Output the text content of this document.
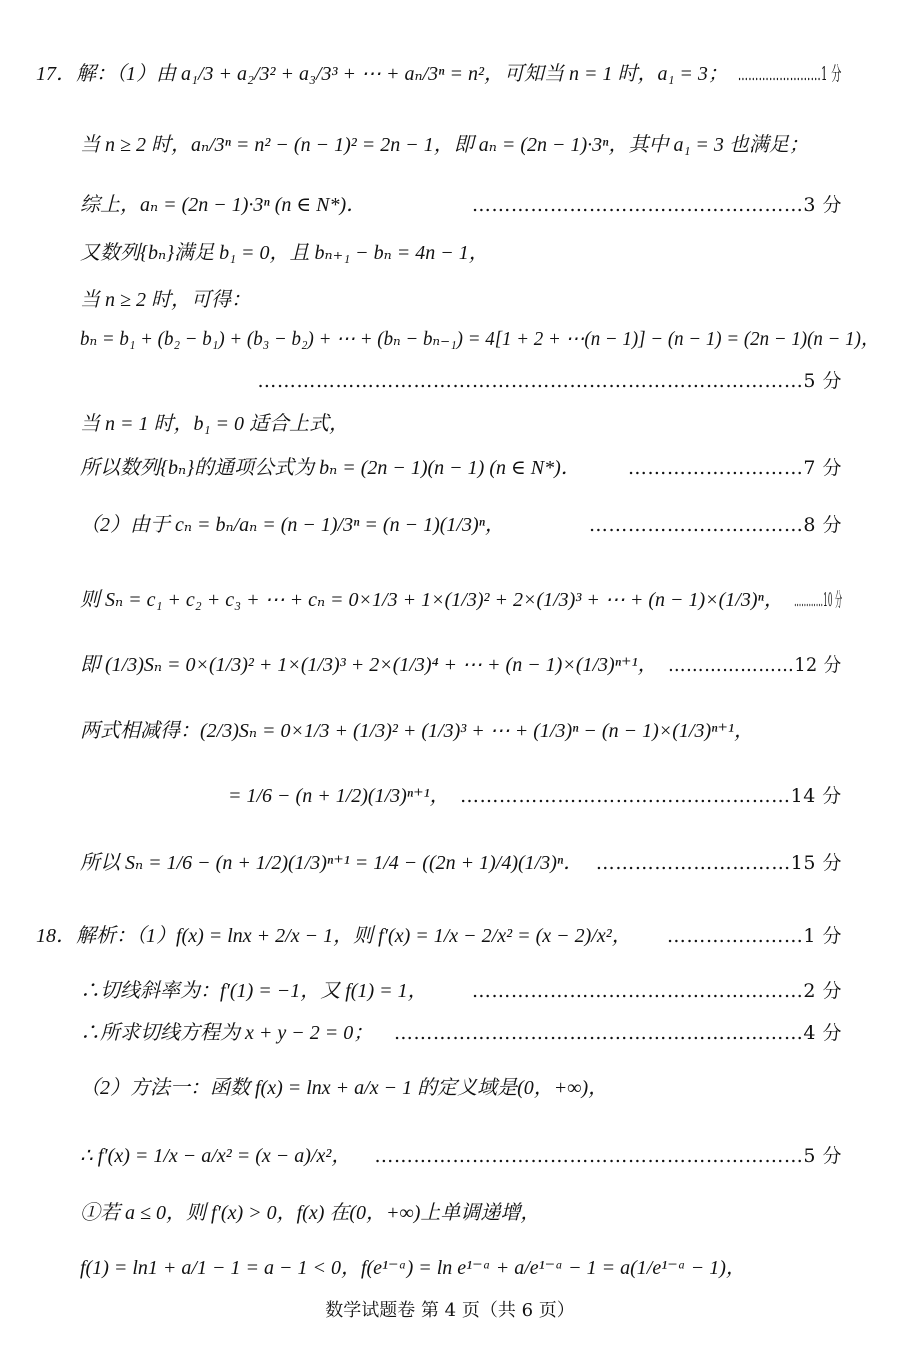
17．解：（1）由 a₁/3 + a₂/3² + a₃/3³ + ⋯ + aₙ/3ⁿ = n²，可知当 n = 1 时，a₁ = 3； ……………………1 分
当 n ≥ 2 时，aₙ/3ⁿ = n² − (n − 1)² = 2n − 1，即 aₙ = (2n − 1)·3ⁿ，其中 a₁ = 3 也满足；
综上，aₙ = (2n − 1)·3ⁿ (n ∈ N*)．	……………………………………………3 分
又数列{bₙ}满足 b₁ = 0，且 bₙ₊₁ − bₙ = 4n − 1，
当 n ≥ 2 时，可得：
bₙ = b₁ + (b₂ − b₁) + (b₃ − b₂) + ⋯ + (bₙ − bₙ₋₁) = 4[1 + 2 + ⋯(n − 1)] − (n − 1) = (2n − 1)(n − 1)，
…………………………………………………………………………5 分
当 n = 1 时，b₁ = 0 适合上式，
所以数列{bₙ}的通项公式为 bₙ = (2n − 1)(n − 1) (n ∈ N*)． ………………………7 分
（2）由于 cₙ = bₙ/aₙ = (n − 1)/3ⁿ = (n − 1)(1/3)ⁿ，	……………………………8 分
则 Sₙ = c₁ + c₂ + c₃ + ⋯ + cₙ = 0×1/3 + 1×(1/3)² + 2×(1/3)³ + ⋯ + (n − 1)×(1/3)ⁿ， …………10 分
即 (1/3)Sₙ = 0×(1/3)² + 1×(1/3)³ + 2×(1/3)⁴ + ⋯ + (n − 1)×(1/3)ⁿ⁺¹， …………………12 分
两式相减得：(2/3)Sₙ = 0×1/3 + (1/3)² + (1/3)³ + ⋯ + (1/3)ⁿ − (n − 1)×(1/3)ⁿ⁺¹，
= 1/6 − (n + 1/2)(1/3)ⁿ⁺¹， ……………………………………………14 分
所以 Sₙ = 1/6 − (n + 1/2)(1/3)ⁿ⁺¹ = 1/4 − ((2n + 1)/4)(1/3)ⁿ． …………………………15 分
18．解析：（1）f(x) = lnx + 2/x − 1，则 f′(x) = 1/x − 2/x² = (x − 2)/x²， …………………1 分
∴切线斜率为：f′(1) = −1，又 f(1) = 1， ……………………………………………2 分
∴所求切线方程为 x + y − 2 = 0； ………………………………………………………4 分
（2）方法一：函数 f(x) = lnx + a/x − 1 的定义域是(0，+∞)，
∴ f′(x) = 1/x − a/x² = (x − a)/x²， …………………………………………………………5 分
①若 a ≤ 0，则 f′(x) > 0，f(x) 在(0，+∞)上单调递增，
f(1) = ln1 + a/1 − 1 = a − 1 < 0，f(e¹⁻ᵃ) = ln e¹⁻ᵃ + a/e¹⁻ᵃ − 1 = a(1/e¹⁻ᵃ − 1)，
数学试题卷 第 4 页（共 6 页）
